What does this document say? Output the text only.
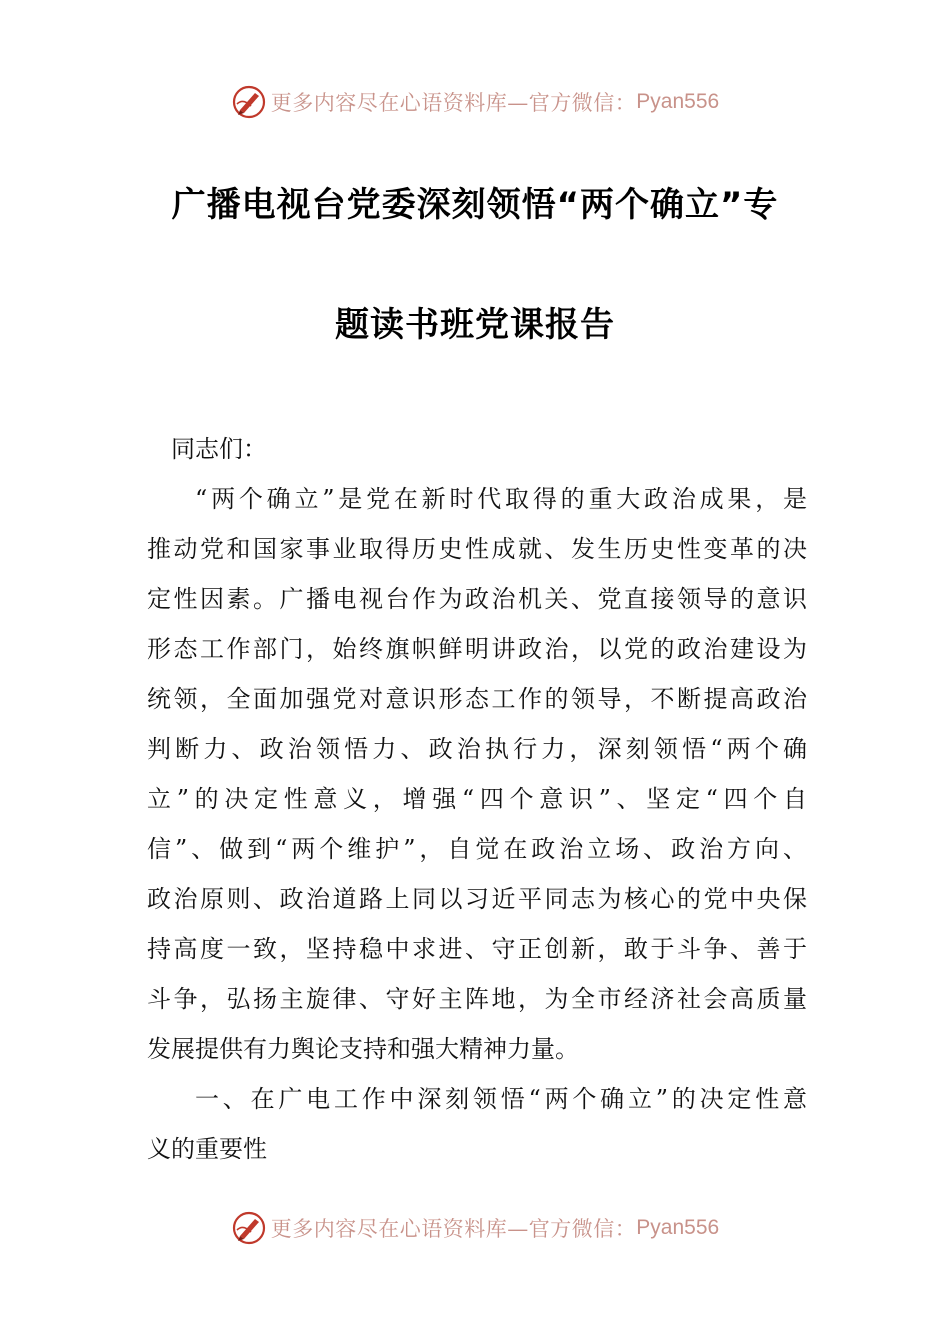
更多内容尽在心语资料库—官方微信： Pyan556
广播电视台党委深刻领悟“两个确立”专
题读书班党课报告
同志们：
“两个确立”是党在新时代取得的重大政治成果，是
推动党和国家事业取得历史性成就、发生历史性变革的决
定性因素。广播电视台作为政治机关、党直接领导的意识
形态工作部门，始终旗帜鲜明讲政治，以党的政治建设为
统领，全面加强党对意识形态工作的领导，不断提高政治
判断力、政治领悟力、政治执行力，深刻领悟“两个确
立”的决定性意义，增强“四个意识”、坚定“四个自
信”、做到“两个维护”，自觉在政治立场、政治方向、
政治原则、政治道路上同以习近平同志为核心的党中央保
持高度一致，坚持稳中求进、守正创新，敢于斗争、善于
斗争，弘扬主旋律、守好主阵地，为全市经济社会高质量
发展提供有力舆论支持和强大精神力量。
一、在广电工作中深刻领悟“两个确立”的决定性意
义的重要性
更多内容尽在心语资料库—官方微信： Pyan556
